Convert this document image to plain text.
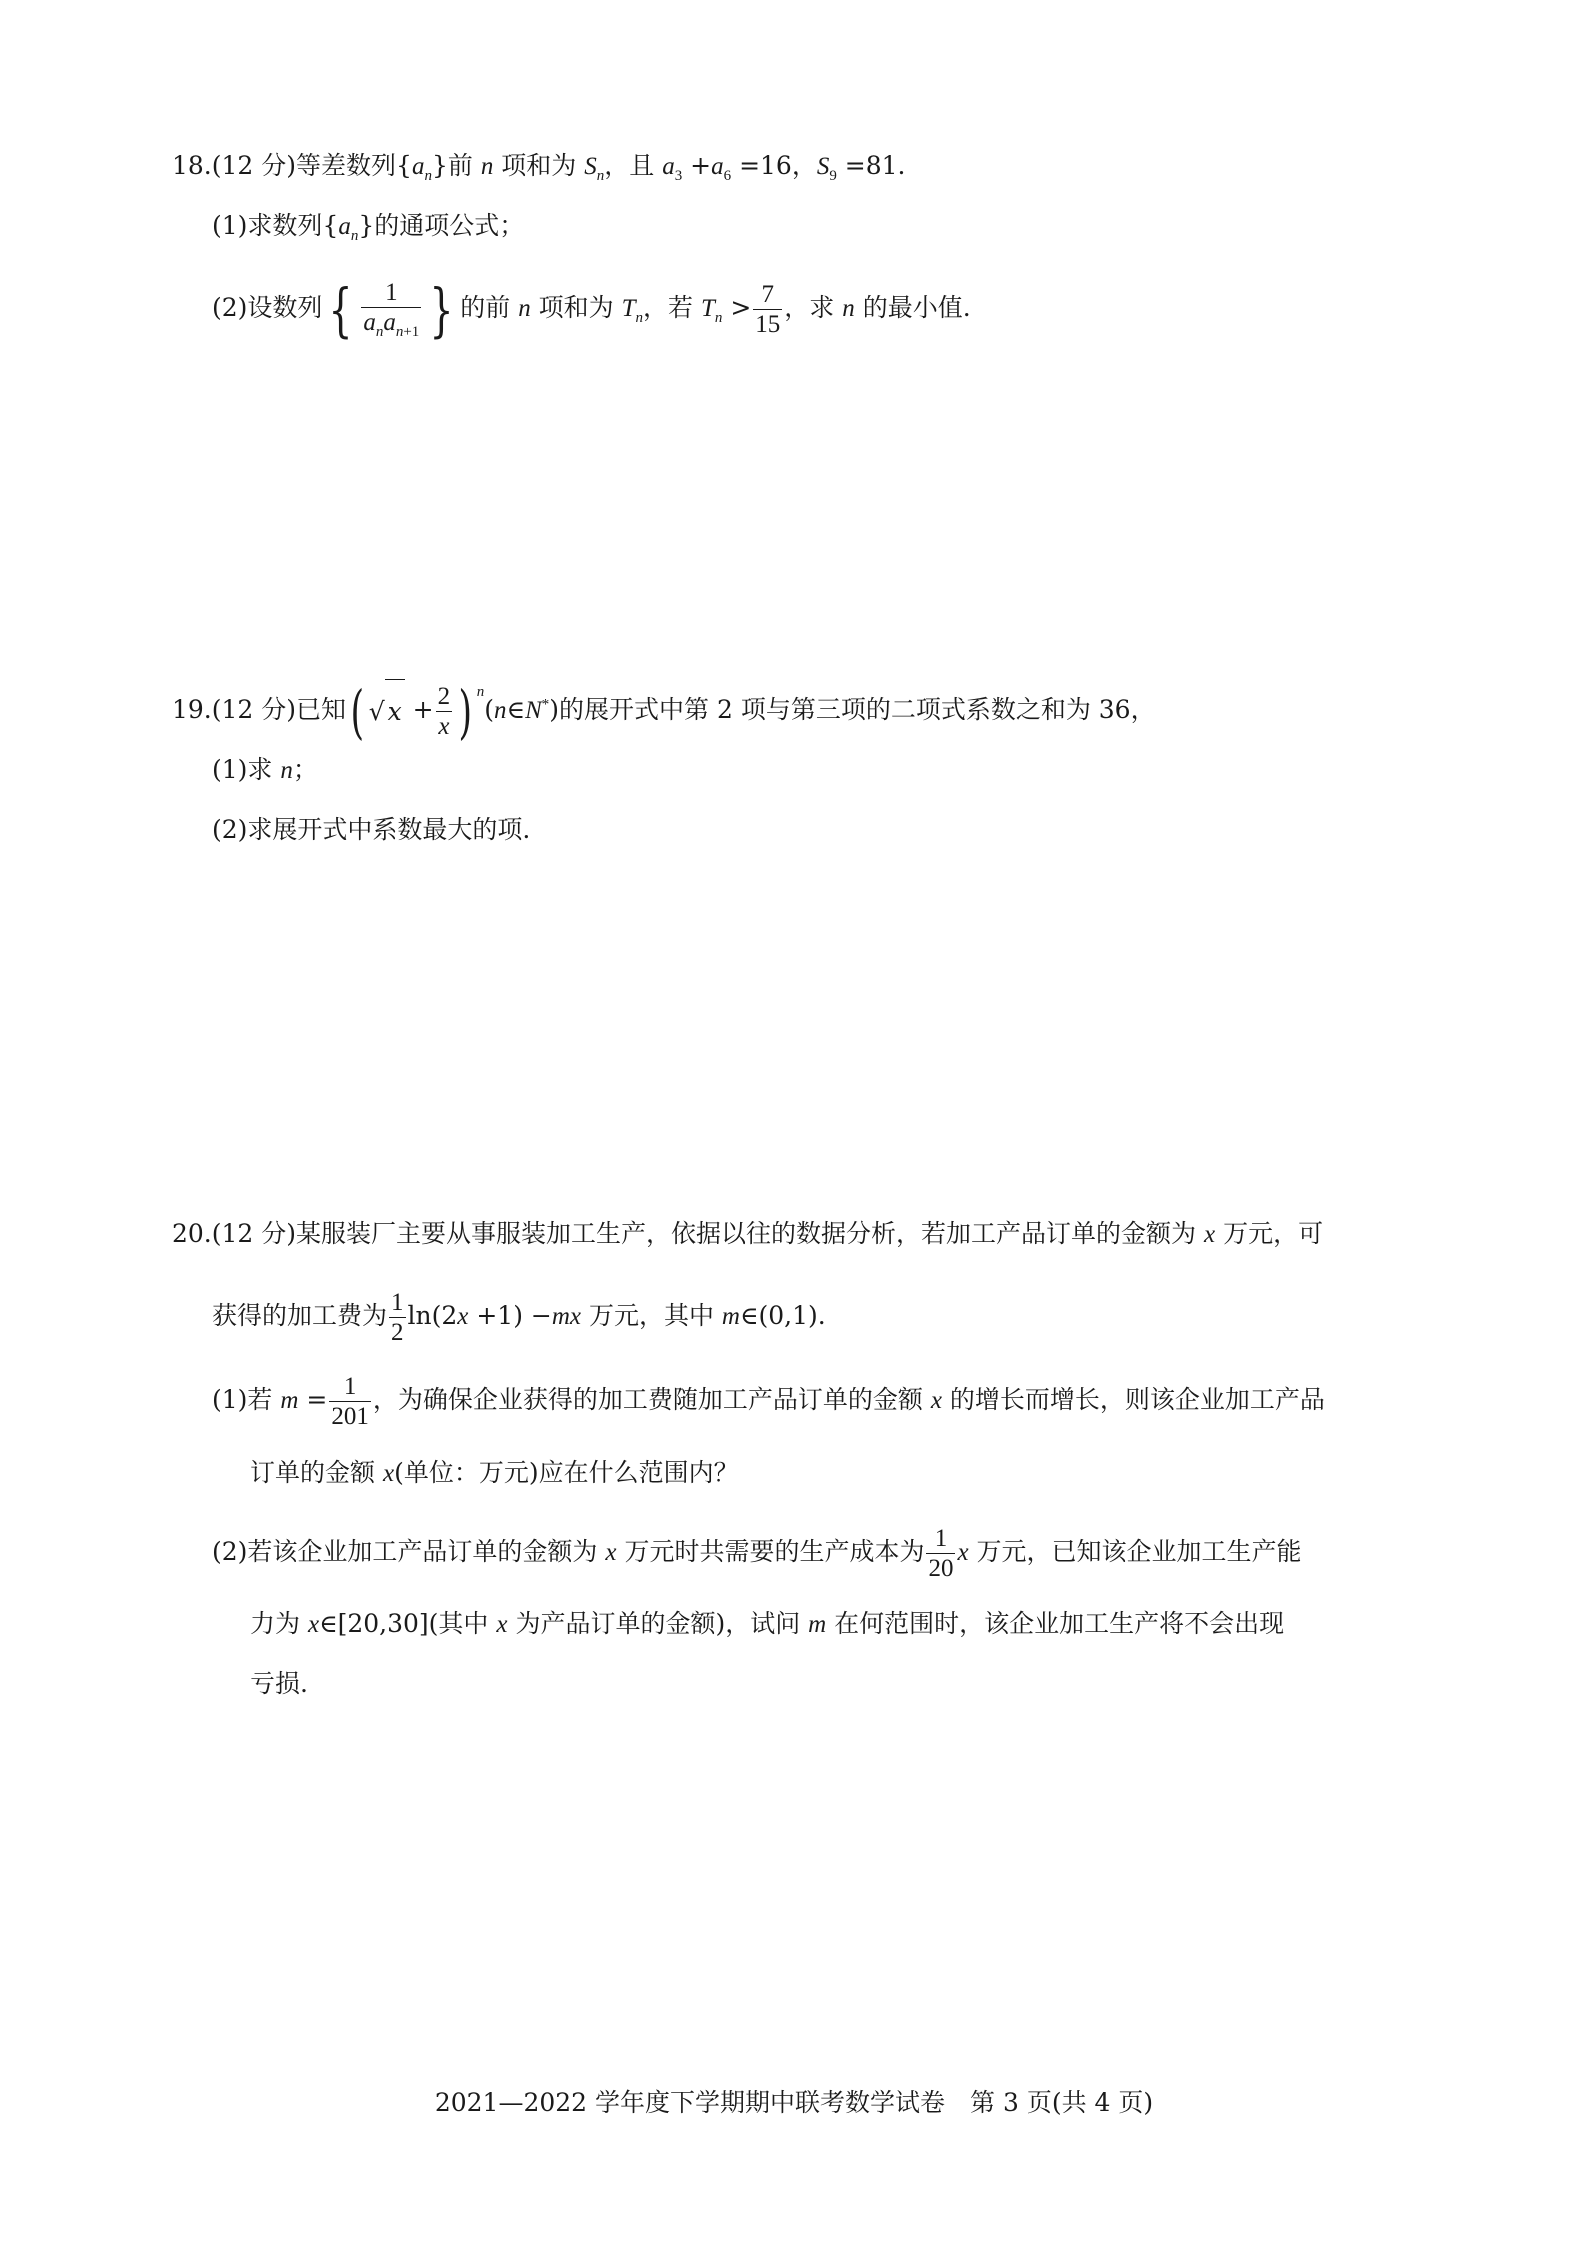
18.(12 分)等差数列$\{a_n\}$前 n 项和为 $S_n$，且 $a_3 +a_6 =16$，$S_9 =81$.
(1)求数列$\{a_n\}$的通项公式；
(2)设数列 { $\frac{1}{a_na_{n+1}}$ } 的前 n 项和为 $T_n$，若 $T_n > \frac{7}{15}$ ，求 n 的最小值.
19.(12 分)已知( √ $x + \frac{2}{x}$ ) $^n$(n∈N*)的展开式中第 2 项与第三项的二项式系数之和为 36，
(1)求 n；
(2)求展开式中系数最大的项.
20.(12 分)某服装厂主要从事服装加工生产，依据以往的数据分析，若加工产品订单的金额为 x 万元，可
获得的加工费为 $\frac{1}{2} \ln(2x +1) -mx$ 万元，其中 m∈(0,1).
(1)若 $m = \frac{1}{201}$ ，为确保企业获得的加工费随加工产品订单的金额 x 的增长而增长，则该企业加工产品
订单的金额 x(单位：万元)应在什么范围内？
(2)若该企业加工产品订单的金额为 x 万元时共需要的生产成本为 $\frac{1}{20}$ x 万元，已知该企业加工生产能
力为 x∈[20,30](其中 x 为产品订单的金额)，试问 m 在何范围时，该企业加工生产将不会出现
亏损.
2021—2022 学年度下学期期中联考数学试卷　第 3 页(共 4 页)
